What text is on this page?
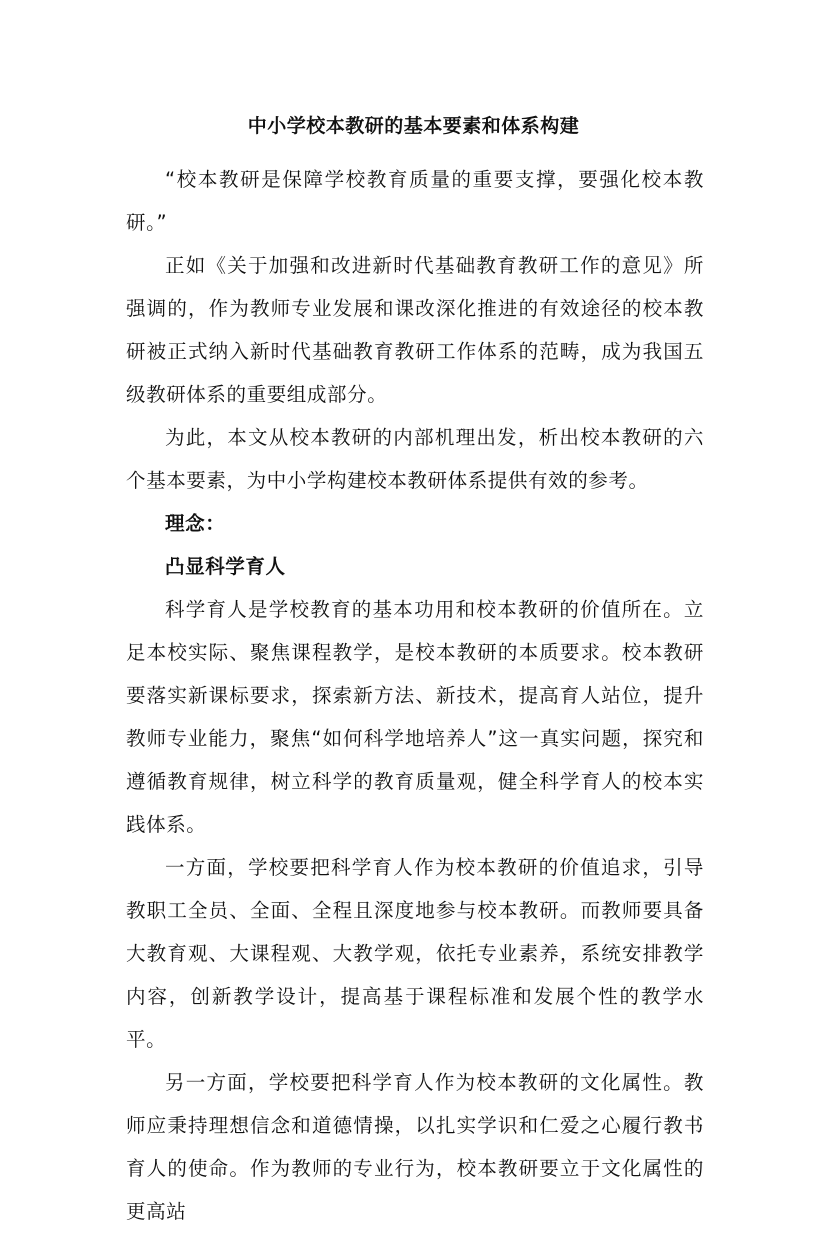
中小学校本教研的基本要素和体系构建

“校本教研是保障学校教育质量的重要支撑，要强化校本教研。”

正如《关于加强和改进新时代基础教育教研工作的意见》所强调的，作为教师专业发展和课改深化推进的有效途径的校本教研被正式纳入新时代基础教育教研工作体系的范畴，成为我国五级教研体系的重要组成部分。

为此，本文从校本教研的内部机理出发，析出校本教研的六个基本要素，为中小学构建校本教研体系提供有效的参考。

理念：

凸显科学育人

科学育人是学校教育的基本功用和校本教研的价值所在。立足本校实际、聚焦课程教学，是校本教研的本质要求。校本教研要落实新课标要求，探索新方法、新技术，提高育人站位，提升教师专业能力，聚焦“如何科学地培养人”这一真实问题，探究和遵循教育规律，树立科学的教育质量观，健全科学育人的校本实践体系。

一方面，学校要把科学育人作为校本教研的价值追求，引导教职工全员、全面、全程且深度地参与校本教研。而教师要具备大教育观、大课程观、大教学观，依托专业素养，系统安排教学内容，创新教学设计，提高基于课程标准和发展个性的教学水平。

另一方面，学校要把科学育人作为校本教研的文化属性。教师应秉持理想信念和道德情操，以扎实学识和仁爱之心履行教书育人的使命。作为教师的专业行为，校本教研要立于文化属性的更高站
